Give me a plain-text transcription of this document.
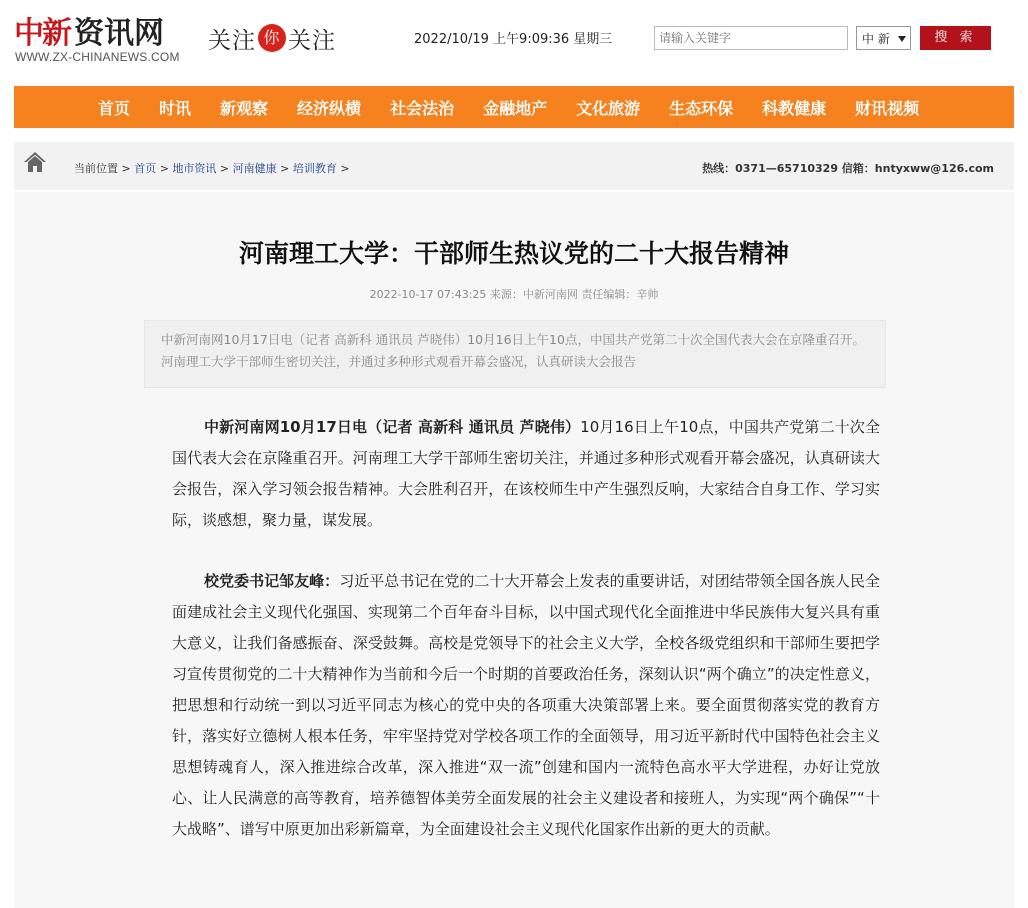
中新 资讯网
WWW.ZX-CHINANEWS.COM
关注 你的
关注	2022/10/19 上午9:09:36 星期三
请输入关键字	中 新	搜 索
首页 时讯 新观察 经济纵横 社会法治 金融地产 文化旅游 生态环保 科教健康 财讯视频
当前位置 > 首页 > 地市资讯 > 河南健康 > 培训教育 >	热线：0371—65710329 信箱：hntyxww@126.com
河南理工大学：干部师生热议党的二十大报告精神
2022-10-17 07:43:25 来源：中新河南网 责任编辑：辛帅
中新河南网10月17日电（记者 高新科 通讯员 芦晓伟）10月16日上午10点，中国共产党第二十次全国代表大会在京隆重召开。河南理工大学干部师生密切关注，并通过多种形式观看开幕会盛况，认真研读大会报告

中新河南网10月17日电（记者 高新科 通讯员 芦晓伟）10月16日上午10点，中国共产党第二十次全国代表大会在京隆重召开。河南理工大学干部师生密切关注，并通过多种形式观看开幕会盛况，认真研读大会报告，深入学习领会报告精神。大会胜利召开，在该校师生中产生强烈反响，大家结合自身工作、学习实际，谈感想，聚力量，谋发展。

校党委书记邹友峰：习近平总书记在党的二十大开幕会上发表的重要讲话，对团结带领全国各族人民全面建成社会主义现代化强国、实现第二个百年奋斗目标，以中国式现代化全面推进中华民族伟大复兴具有重大意义，让我们备感振奋、深受鼓舞。高校是党领导下的社会主义大学，全校各级党组织和干部师生要把学习宣传贯彻党的二十大精神作为当前和今后一个时期的首要政治任务，深刻认识“两个确立”的决定性意义，把思想和行动统一到以习近平同志为核心的党中央的各项重大决策部署上来。要全面贯彻落实党的教育方针，落实好立德树人根本任务，牢牢坚持党对学校各项工作的全面领导，用习近平新时代中国特色社会主义思想铸魂育人，深入推进综合改革，深入推进“双一流”创建和国内一流特色高水平大学进程，办好让党放心、让人民满意的高等教育，培养德智体美劳全面发展的社会主义建设者和接班人，为实现“两个确保”“十大战略”、谱写中原更加出彩新篇章，为全面建设社会主义现代化国家作出新的更大的贡献。
